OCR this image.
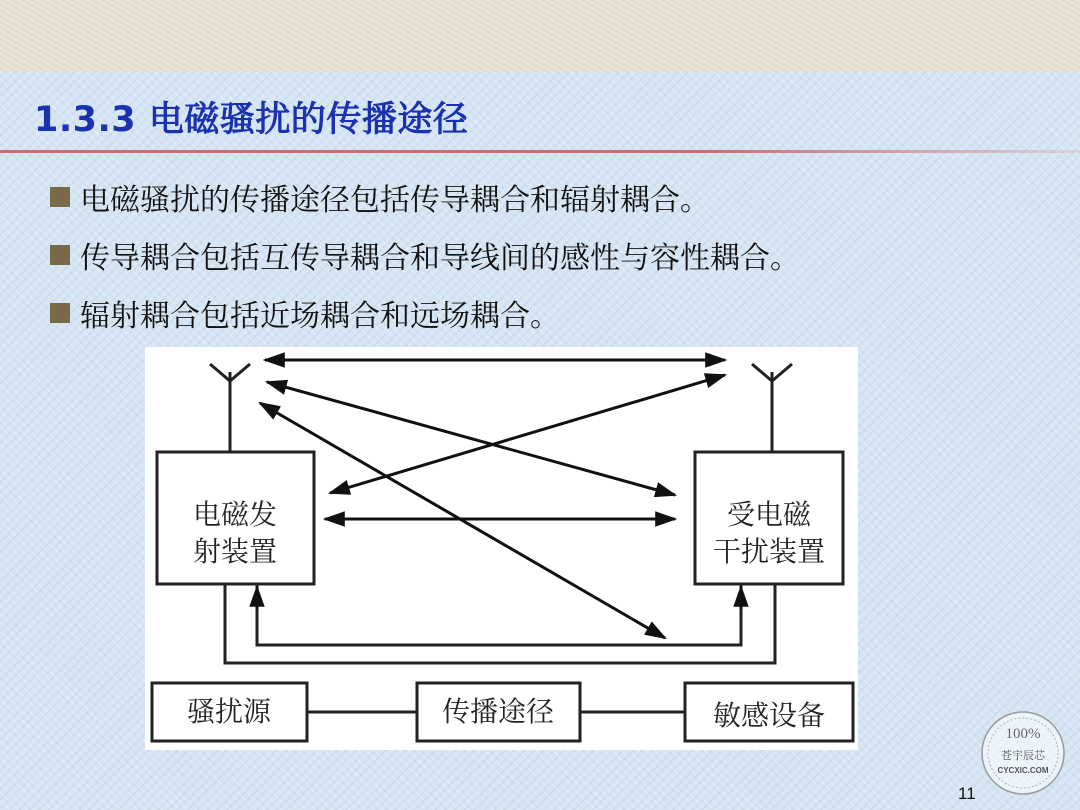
1.3.3 电磁骚扰的传播途径
电磁骚扰的传播途径包括传导耦合和辐射耦合。
传导耦合包括互传导耦合和导线间的感性与容性耦合。
辐射耦合包括近场耦合和远场耦合。
电磁发
射装置
受电磁
干扰装置
骚扰源	传播途径	敏感设备
100%
苍宇辰芯
CYCXIC.COM
11
